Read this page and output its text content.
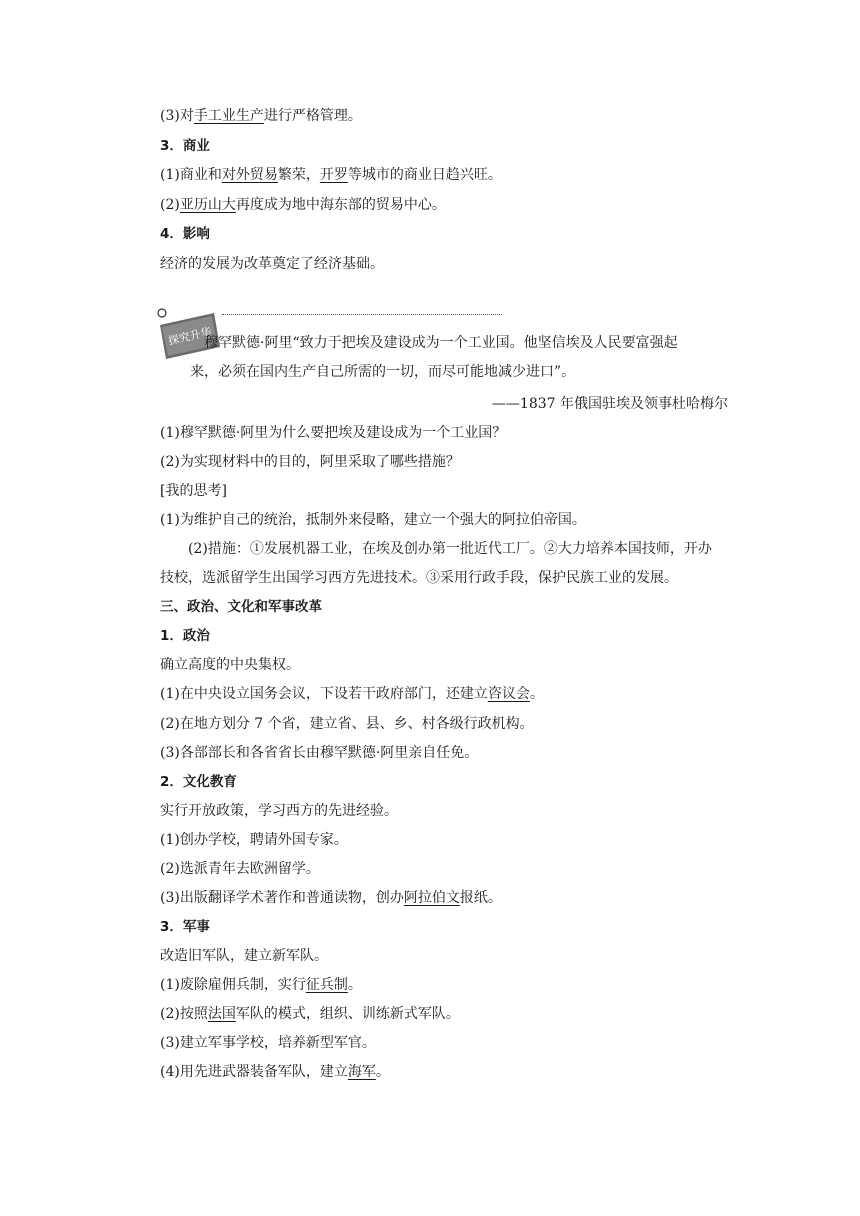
(3)对手工业生产进行严格管理。
3．商业
(1)商业和对外贸易繁荣，开罗等城市的商业日趋兴旺。
(2)亚历山大再度成为地中海东部的贸易中心。
4．影响
经济的发展为改革奠定了经济基础。
探究升华
穆罕默德·阿里“致力于把埃及建设成为一个工业国。他坚信埃及人民要富强起
来，必须在国内生产自己所需的一切，而尽可能地减少进口”。
——1837 年俄国驻埃及领事杜哈梅尔
(1)穆罕默德·阿里为什么要把埃及建设成为一个工业国？
(2)为实现材料中的目的，阿里采取了哪些措施？
[我的思考]
(1)为维护自己的统治，抵制外来侵略，建立一个强大的阿拉伯帝国。
(2)措施：①发展机器工业，在埃及创办第一批近代工厂。②大力培养本国技师，开办
技校，选派留学生出国学习西方先进技术。③采用行政手段，保护民族工业的发展。
三、政治、文化和军事改革
1．政治
确立高度的中央集权。
(1)在中央设立国务会议，下设若干政府部门，还建立咨议会。
(2)在地方划分 7 个省，建立省、县、乡、村各级行政机构。
(3)各部部长和各省省长由穆罕默德·阿里亲自任免。
2．文化教育
实行开放政策，学习西方的先进经验。
(1)创办学校，聘请外国专家。
(2)选派青年去欧洲留学。
(3)出版翻译学术著作和普通读物，创办阿拉伯文报纸。
3．军事
改造旧军队，建立新军队。
(1)废除雇佣兵制，实行征兵制。
(2)按照法国军队的模式，组织、训练新式军队。
(3)建立军事学校，培养新型军官。
(4)用先进武器装备军队，建立海军。
